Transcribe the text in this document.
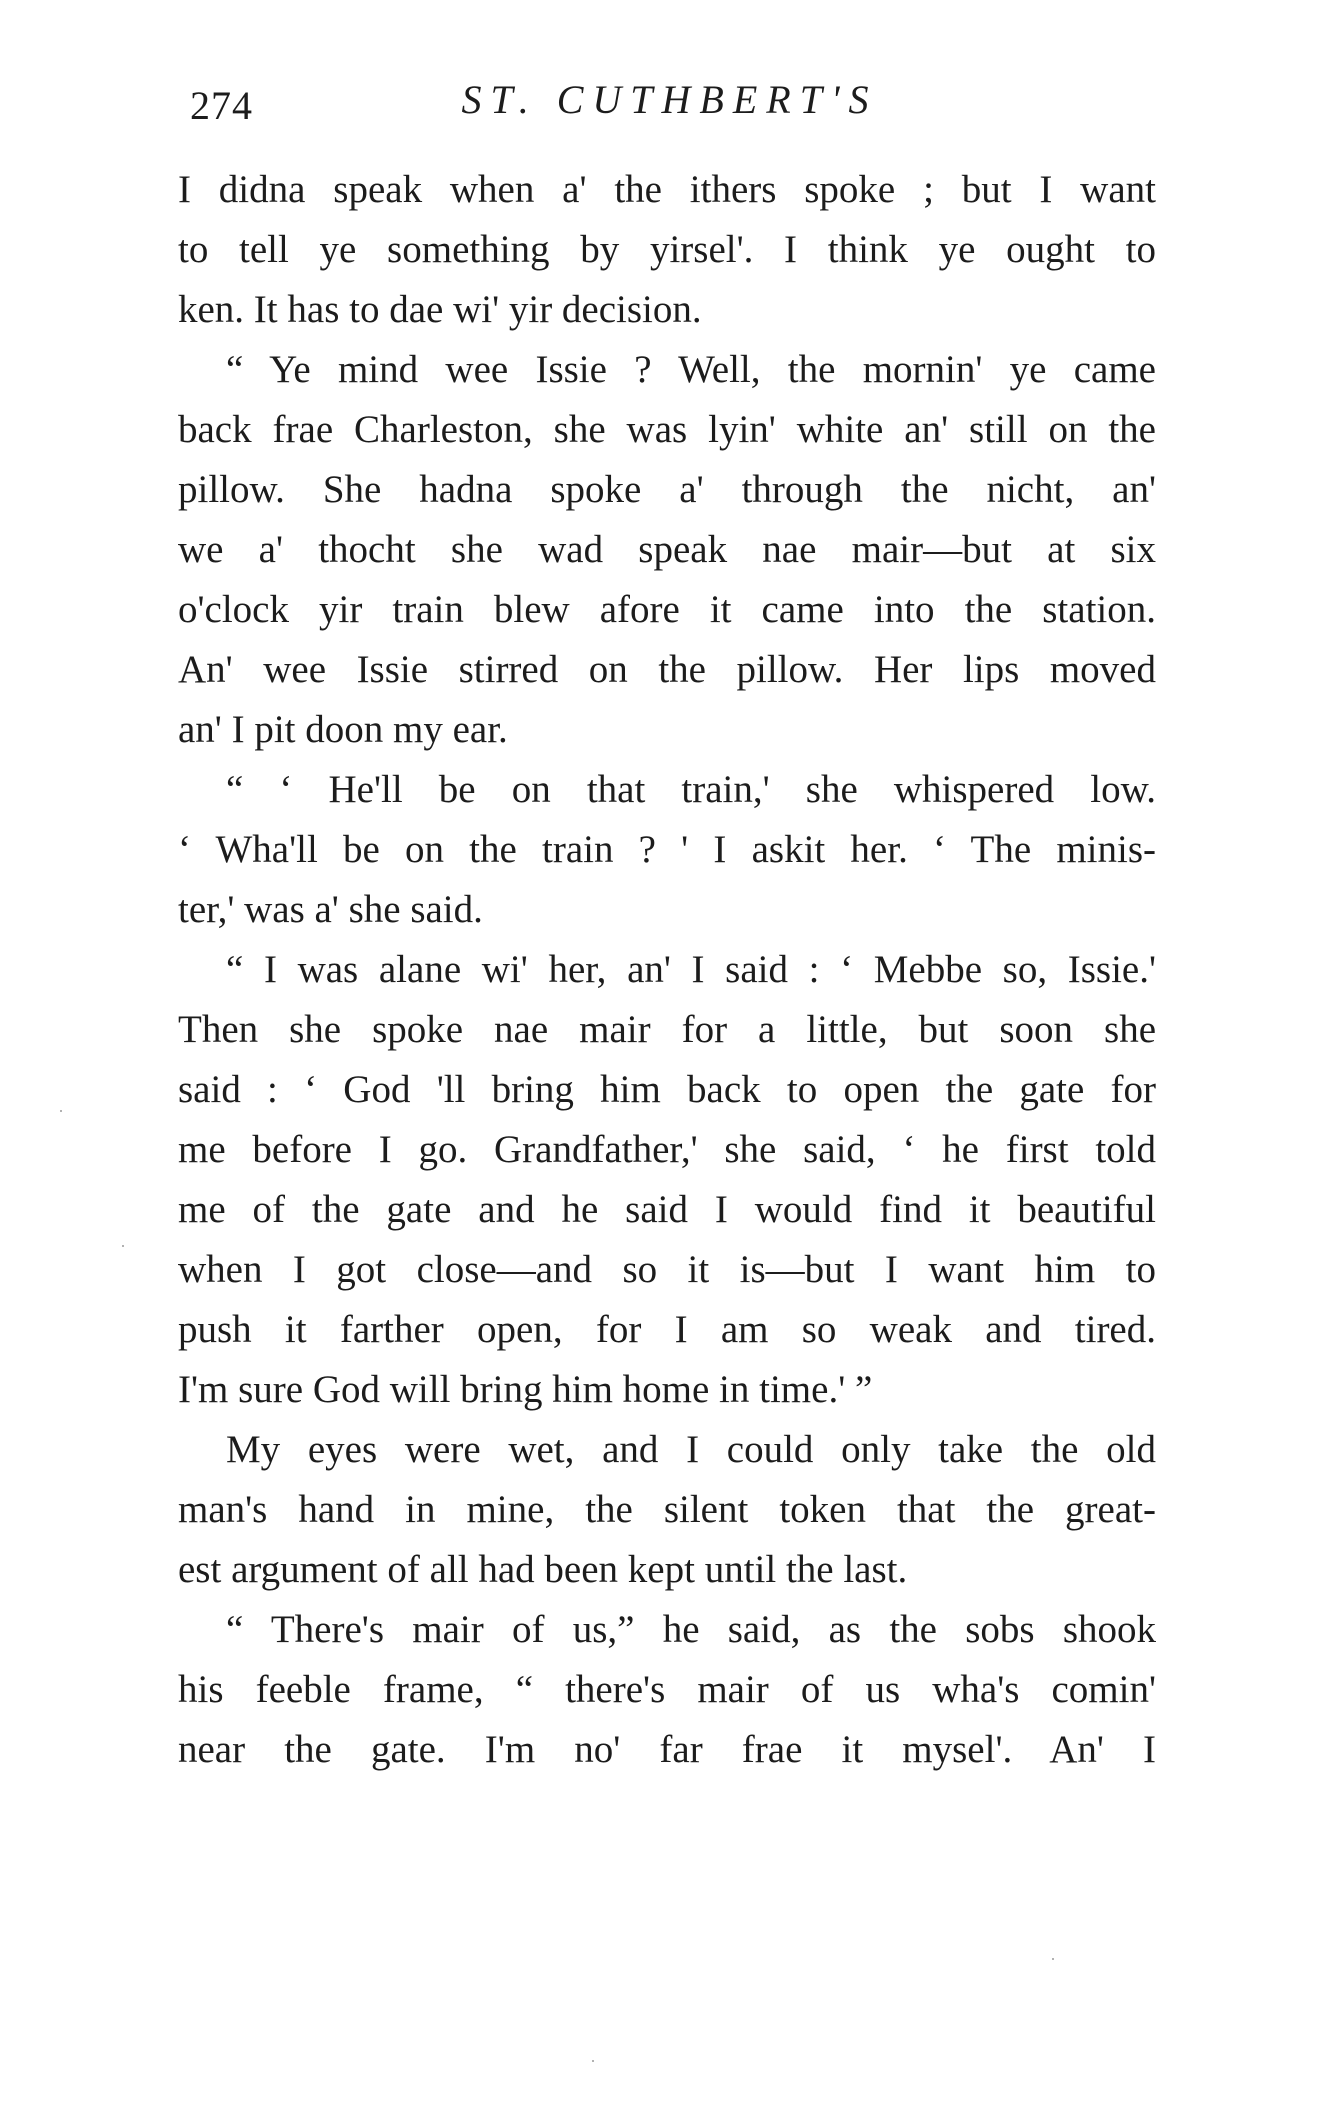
274	ST. CUTHBERT'S
I didna speak when a' the ithers spoke ; but I want
to tell ye something by yirsel'. I think ye ought to
ken. It has to dae wi' yir decision.
“ Ye mind wee Issie ? Well, the mornin' ye came
back frae Charleston, she was lyin' white an' still on the
pillow. She hadna spoke a' through the nicht, an'
we a' thocht she wad speak nae mair—but at six
o'clock yir train blew afore it came into the station.
An' wee Issie stirred on the pillow. Her lips moved
an' I pit doon my ear.
“ ‘ He'll be on that train,' she whispered low.
‘ Wha'll be on the train ? ' I askit her. ‘ The minis-
ter,' was a' she said.
“ I was alane wi' her, an' I said : ‘ Mebbe so, Issie.'
Then she spoke nae mair for a little, but soon she
said : ‘ God 'll bring him back to open the gate for
me before I go. Grandfather,' she said, ‘ he first told
me of the gate and he said I would find it beautiful
when I got close—and so it is—but I want him to
push it farther open, for I am so weak and tired.
I'm sure God will bring him home in time.' ”
My eyes were wet, and I could only take the old
man's hand in mine, the silent token that the great-
est argument of all had been kept until the last.
“ There's mair of us,” he said, as the sobs shook
his feeble frame, “ there's mair of us wha's comin'
near the gate. I'm no' far frae it mysel'. An' I
